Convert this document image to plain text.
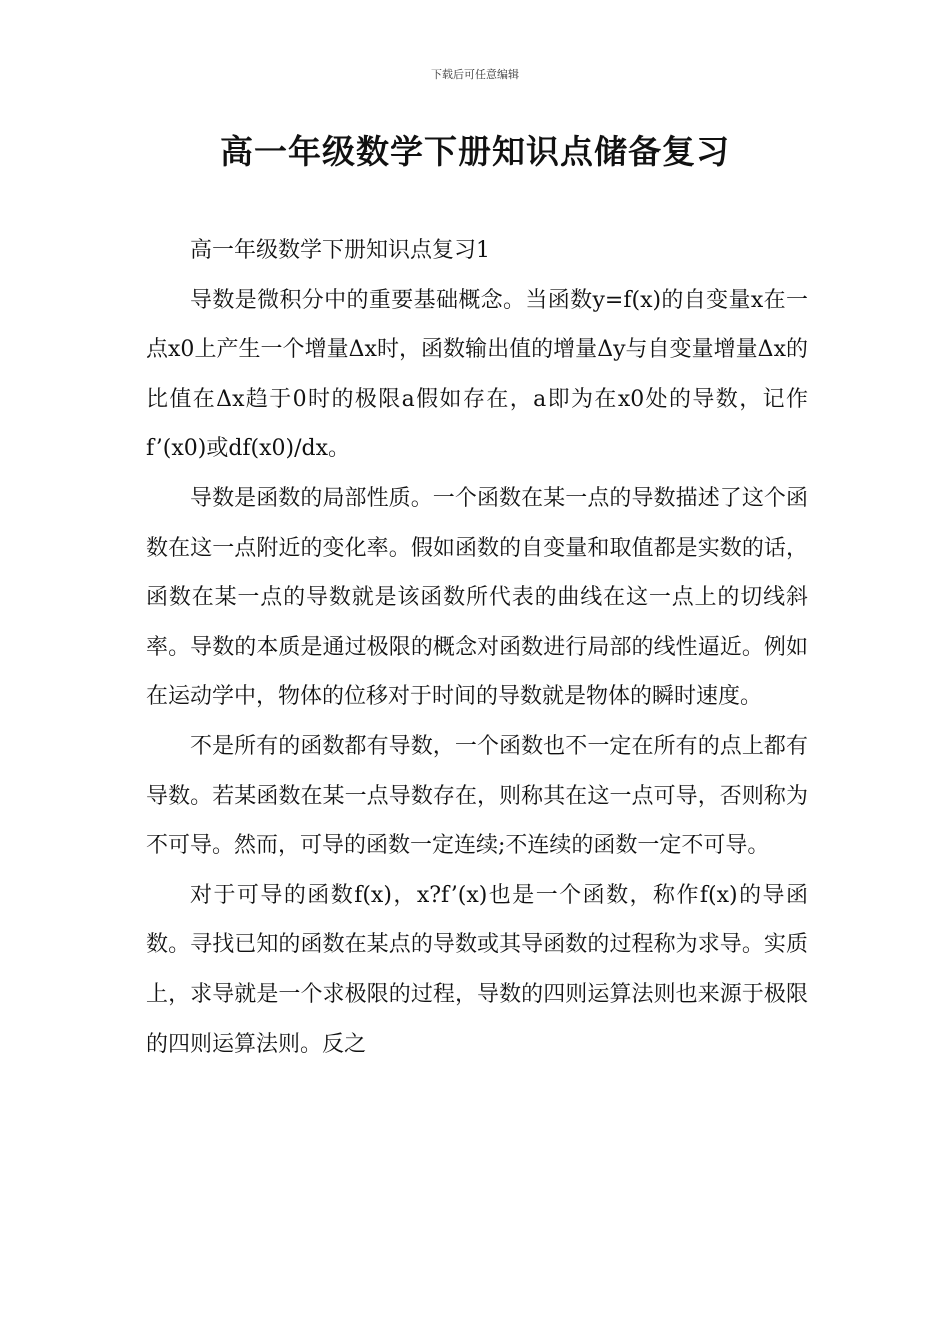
下载后可任意编辑
高一年级数学下册知识点储备复习

高一年级数学下册知识点复习1

导数是微积分中的重要基础概念。当函数y=f(x)的自变量x在一点x0上产生一个增量Δx时，函数输出值的增量Δy与自变量增量Δx的比值在Δx趋于0时的极限a假如存在，a即为在x0处的导数，记作f’(x0)或df(x0)/dx。

导数是函数的局部性质。一个函数在某一点的导数描述了这个函数在这一点附近的变化率。假如函数的自变量和取值都是实数的话，函数在某一点的导数就是该函数所代表的曲线在这一点上的切线斜率。导数的本质是通过极限的概念对函数进行局部的线性逼近。例如在运动学中，物体的位移对于时间的导数就是物体的瞬时速度。

不是所有的函数都有导数，一个函数也不一定在所有的点上都有导数。若某函数在某一点导数存在，则称其在这一点可导，否则称为不可导。然而，可导的函数一定连续;不连续的函数一定不可导。

对于可导的函数f(x)，x?f’(x)也是一个函数，称作f(x)的导函数。寻找已知的函数在某点的导数或其导函数的过程称为求导。实质上，求导就是一个求极限的过程，导数的四则运算法则也来源于极限的四则运算法则。反之
